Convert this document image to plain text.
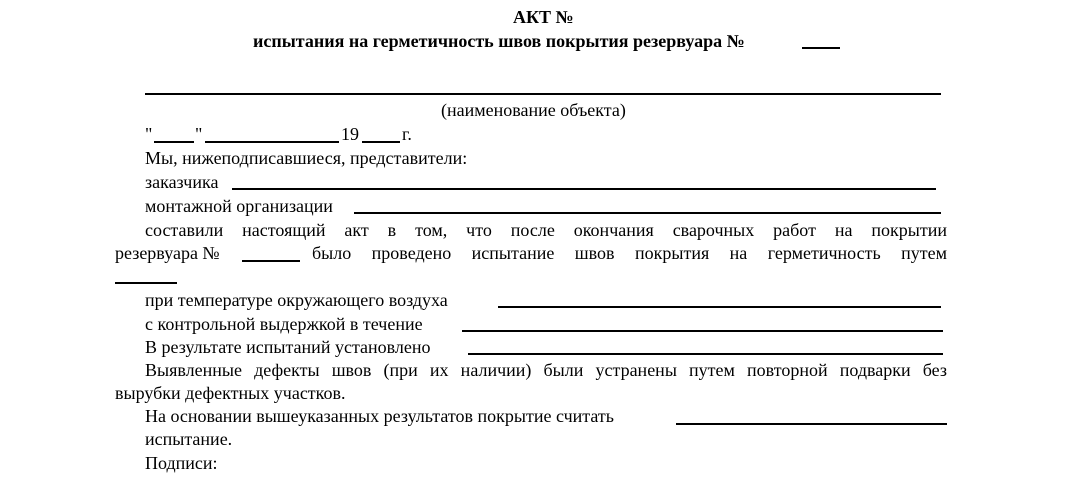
АКТ №
испытания на герметичность швов покрытия резервуара №
(наименование объекта)
" "	19 г.
Мы, нижеподписавшиеся, представители:
заказчика
монтажной организации
составили настоящий акт в том, что после окончания сварочных работ на покрытии
резервуара №	было проведено испытание швов покрытия на герметичность путем
при температуре окружающего воздуха
с контрольной выдержкой в течение
В результате испытаний установлено
Выявленные дефекты швов (при их наличии) были устранены путем повторной подварки без
вырубки дефектных участков.
На основании вышеуказанных результатов покрытие считать
испытание.
Подписи:
